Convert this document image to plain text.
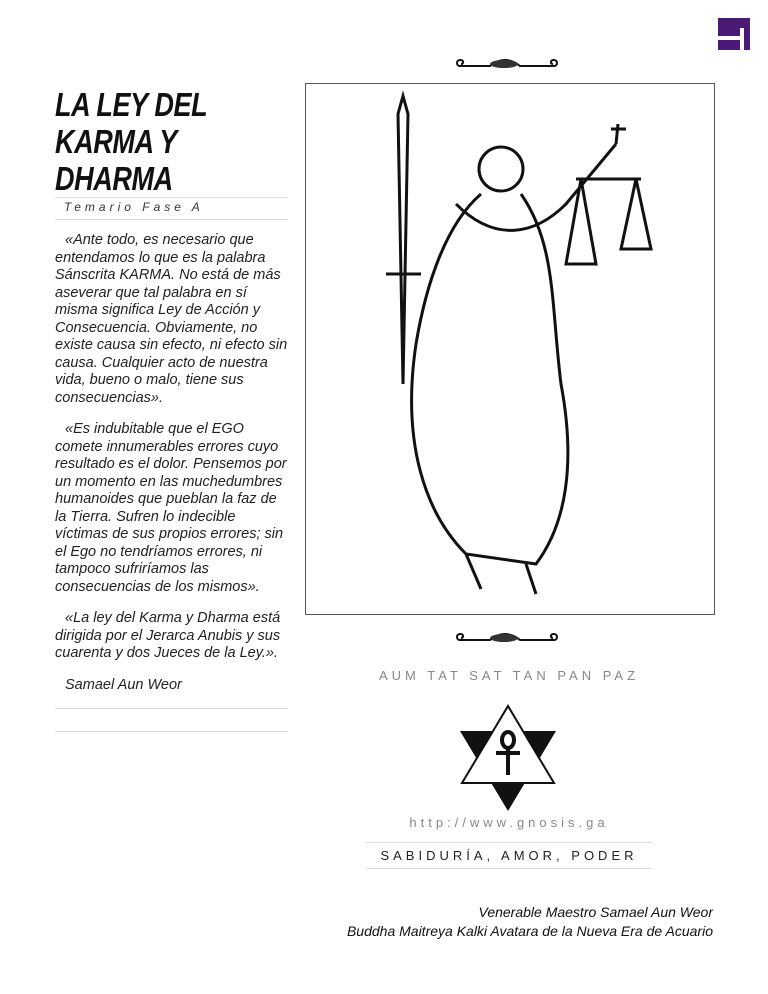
LA LEY DEL KARMA Y DHARMA
Temario Fase A

«Ante todo, es necesario que entendamos lo que es la palabra Sánscrita KARMA. No está de más aseverar que tal palabra en sí misma significa Ley de Acción y Consecuencia. Obviamente, no existe causa sin efecto, ni efecto sin causa. Cualquier acto de nuestra vida, bueno o malo, tiene sus consecuencias».

«Es indubitable que el EGO comete innumerables errores cuyo resultado es el dolor. Pensemos por un momento en las muchedumbres humanoides que pueblan la faz de la Tierra. Sufren lo indecible víctimas de sus propios errores; sin el Ego no tendríamos errores, ni tampoco sufriríamos las consecuencias de los mismos».

«La ley del Karma y Dharma está dirigida por el Jerarca Anubis y sus cuarenta y dos Jueces de la Ley.».

Samael Aun Weor

AUM TAT SAT TAN PAN PAZ
http://www.gnosis.ga
SABIDURÍA, AMOR, PODER
Venerable Maestro Samael Aun Weor
Buddha Maitreya Kalki Avatara de la Nueva Era de Acuario
